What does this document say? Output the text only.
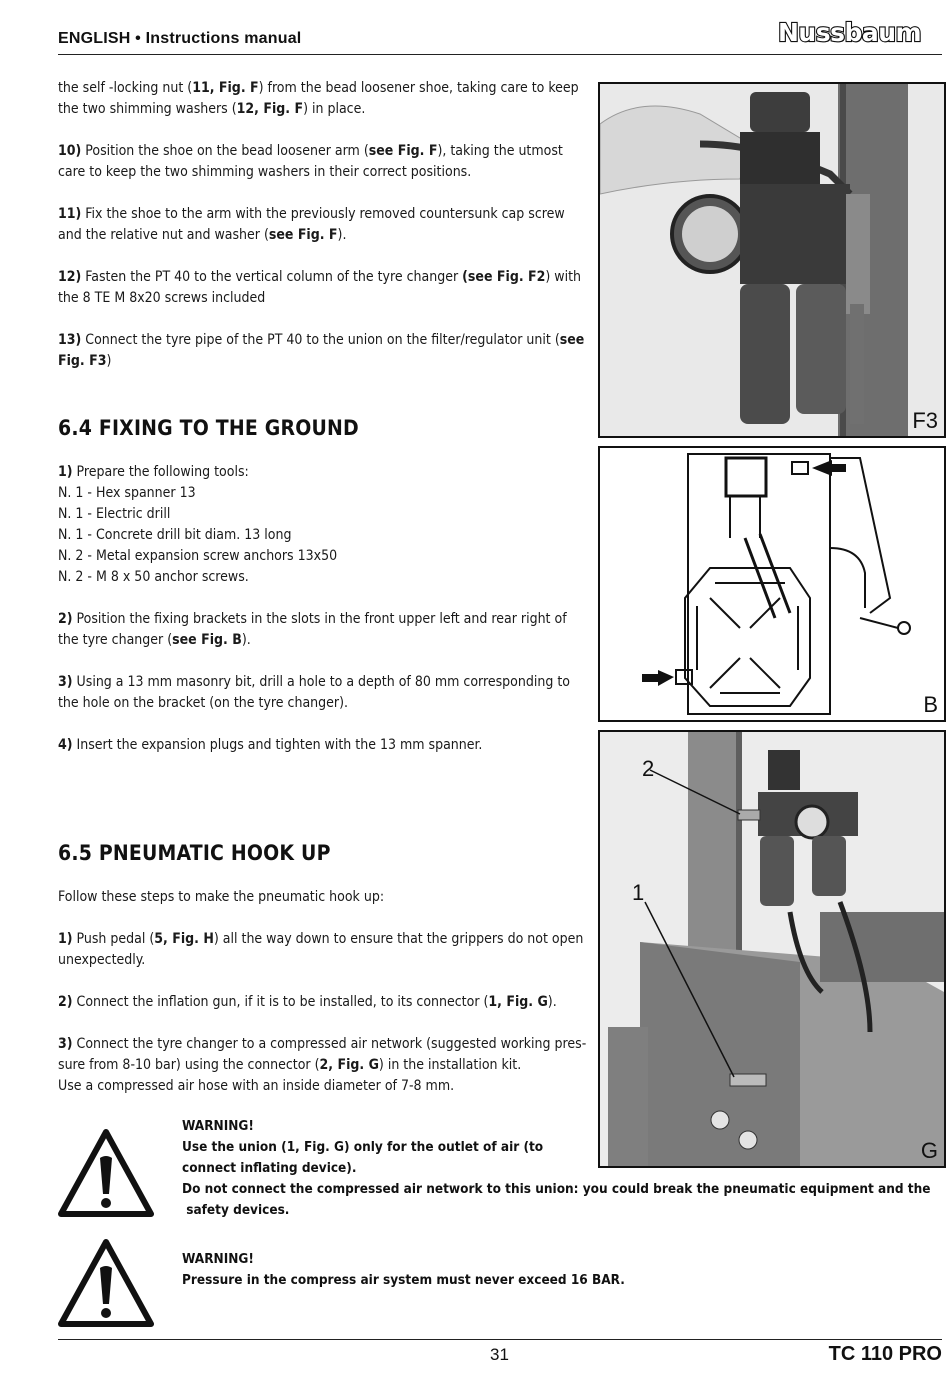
ENGLISH • Instructions manual	Nussbaum

the self -locking nut (11, Fig. F) from the bead loosener shoe, taking care to keep the two shimming washers (12, Fig. F) in place.

10) Position the shoe on the bead loosener arm (see Fig. F), taking the utmost care to keep the two shimming washers in their correct positions.

11) Fix the shoe to the arm with the previously removed countersunk cap screw and the relative nut and washer (see Fig. F).

12) Fasten the PT 40 to the vertical column of the tyre changer (see Fig. F2) with the 8 TE M 8x20 screws included

13) Connect the tyre pipe of the PT 40 to the union on the filter/regulator unit (see Fig. F3)

6.4 FIXING TO THE GROUND

1) Prepare the following tools:

N. 1 - Hex spanner 13

N. 1 - Electric drill

N. 1 - Concrete drill bit diam. 13 long

N. 2 - Metal expansion screw anchors 13x50

N. 2 - M 8 x 50 anchor screws.

2) Position the fixing brackets in the slots in the front upper left and rear right of the tyre changer (see Fig. B).

3) Using a 13 mm masonry bit, drill a hole to a depth of 80 mm corresponding to the hole on the bracket (on the tyre changer).

4) Insert the expansion plugs and tighten with the 13 mm spanner.

6.5 PNEUMATIC HOOK UP

Follow these steps to make the pneumatic hook up:

1) Push pedal (5, Fig. H) all the way down to ensure that the grippers do not open unexpectedly.

2) Connect the inflation gun, if it is to be installed, to its connector (1, Fig. G).

3) Connect the tyre changer to a compressed air network (suggested working pres-sure from 8-10 bar) using the connector (2, Fig. G) in the installation kit.

Use a compressed air hose with an inside diameter of 7-8 mm.

WARNING!
Use the union (1, Fig. G) only for the outlet of air (to
connect inflating device).
Do not connect the compressed air network to this union: you could break the pneumatic equipment and the
safety devices.
WARNING!
Pressure in the compress air system must never exceed 16 BAR.
F3
B
2
1
G
31	TC 110 PRO
